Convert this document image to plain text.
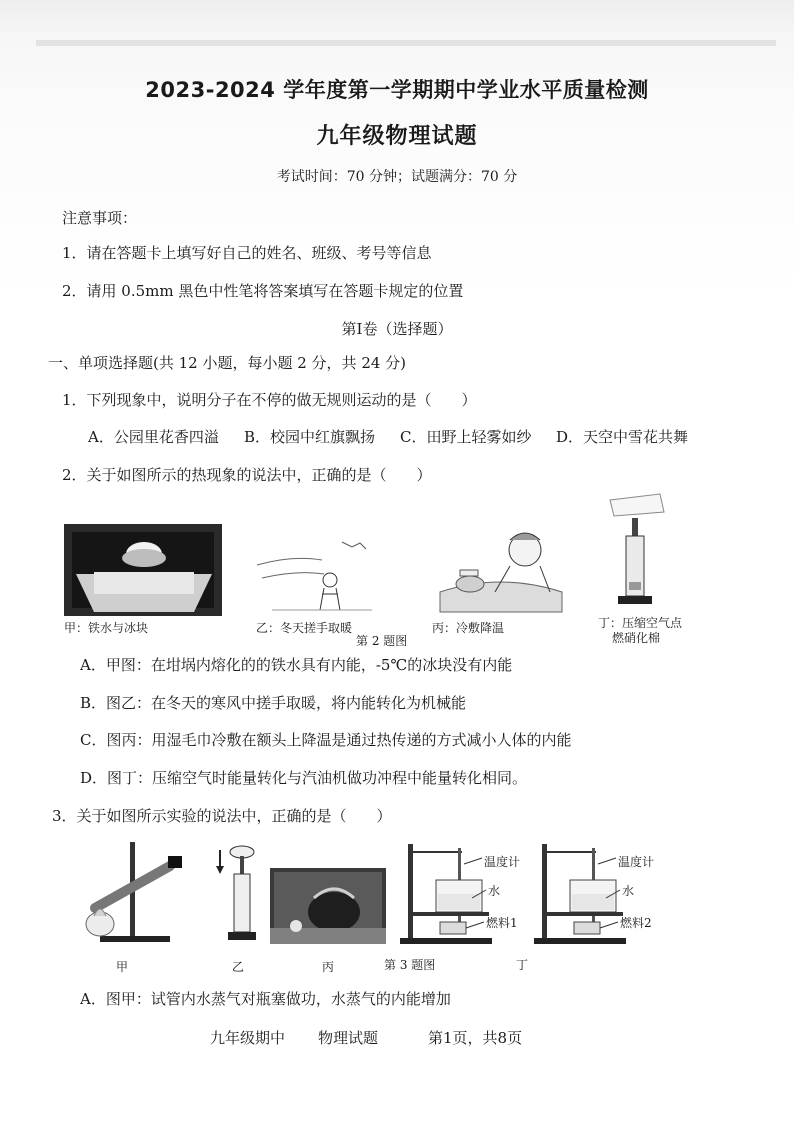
2023-2024 学年度第一学期期中学业水平质量检测
九年级物理试题
考试时间：70 分钟；试题满分：70 分
注意事项：
1．请在答题卡上填写好自己的姓名、班级、考号等信息
2．请用 0.5mm 黑色中性笔将答案填写在答题卡规定的位置
第Ⅰ卷（选择题）
一、单项选择题(共 12 小题，每小题 2 分，共 24 分)
1．下列现象中，说明分子在不停的做无规则运动的是（　　）
A．公园里花香四溢 B．校园中红旗飘扬 C．田野上轻雾如纱 D．天空中雪花共舞
2．关于如图所示的热现象的说法中，正确的是（　　）
甲：铁水与冰块	乙：冬天搓手取暖	丙：冷敷降温	丁：压缩空气点
燃硝化棉
第 2 题图
A．甲图：在坩埚内熔化的的铁水具有内能，-5℃的冰块没有内能
B．图乙：在冬天的寒风中搓手取暖，将内能转化为机械能
C．图丙：用湿毛巾冷敷在额头上降温是通过热传递的方式减小人体的内能
D．图丁：压缩空气时能量转化与汽油机做功冲程中能量转化相同。
3．关于如图所示实验的说法中，正确的是（　　）
温度计
水
燃料1
温度计
水
燃料2
甲	乙	丙	第 3 题图	丁
A．图甲：试管内水蒸气对瓶塞做功，水蒸气的内能增加
九年级期中 物理试题	第1页，共8页
